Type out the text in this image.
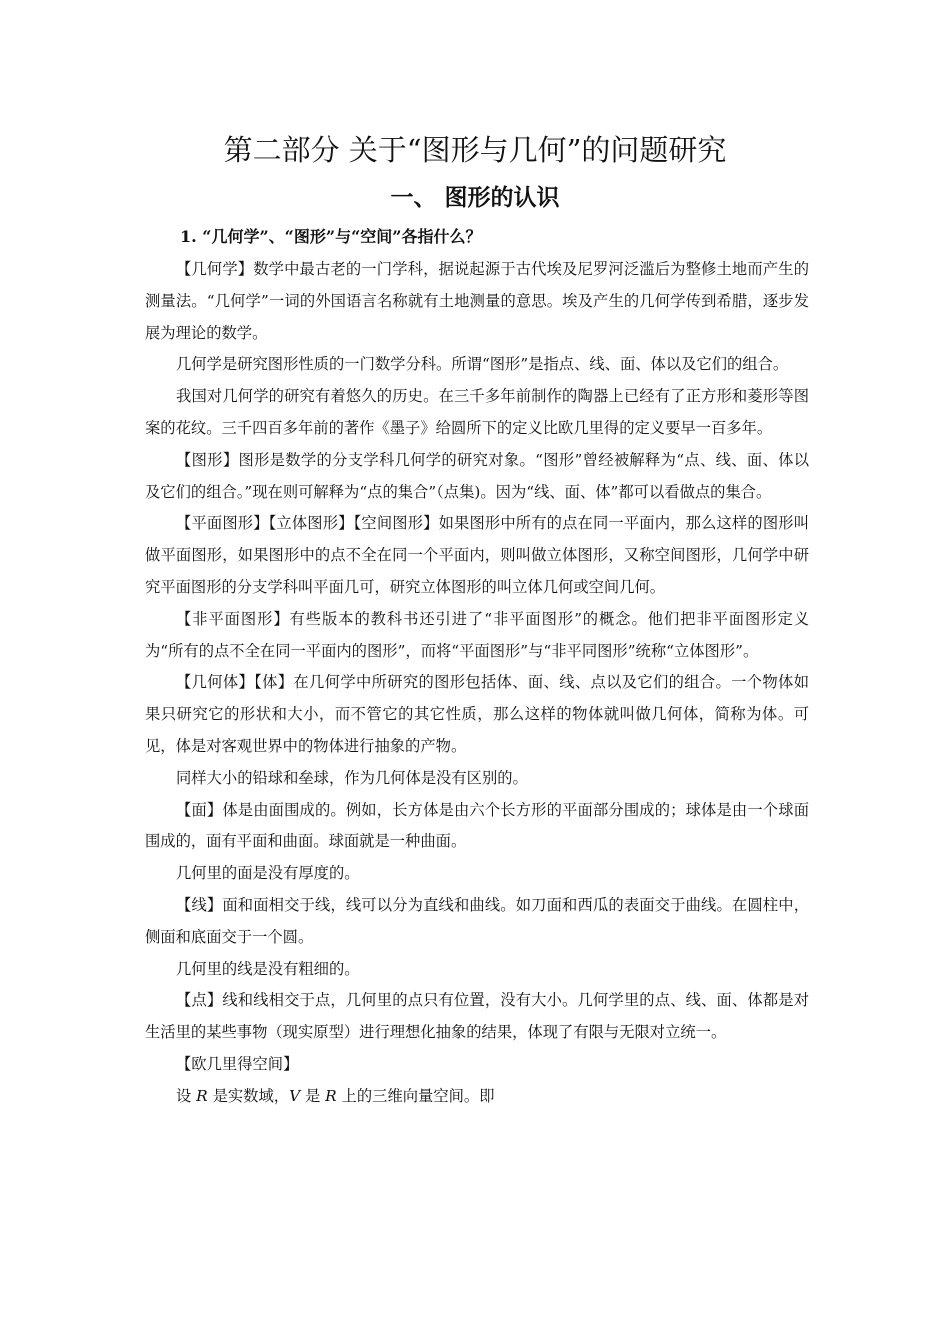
第二部分 关于“图形与几何”的问题研究
一、 图形的认识
1. “几何学”、“图形”与“空间”各指什么？

【几何学】数学中最古老的一门学科，据说起源于古代埃及尼罗河泛滥后为整修土地而产生的测量法。“几何学”一词的外国语言名称就有土地测量的意思。埃及产生的几何学传到希腊，逐步发展为理论的数学。

几何学是研究图形性质的一门数学分科。所谓“图形”是指点、线、面、体以及它们的组合。

我国对几何学的研究有着悠久的历史。在三千多年前制作的陶器上已经有了正方形和菱形等图案的花纹。三千四百多年前的著作《墨子》给圆所下的定义比欧几里得的定义要早一百多年。

【图形】图形是数学的分支学科几何学的研究对象。“图形”曾经被解释为“点、线、面、体以及它们的组合。”现在则可解释为“点的集合”（点集)。因为“线、面、体”都可以看做点的集合。

【平面图形】【立体图形】【空间图形】如果图形中所有的点在同一平面内，那么这样的图形叫做平面图形，如果图形中的点不全在同一个平面内，则叫做立体图形，又称空间图形，几何学中研究平面图形的分支学科叫平面几可，研究立体图形的叫立体几何或空间几何。

【非平面图形】有些版本的教科书还引进了“非平面图形”的概念。他们把非平面图形定义为“所有的点不全在同一平面内的图形”，而将“平面图形”与“非平同图形”统称“立体图形”。

【几何体】【体】在几何学中所研究的图形包括体、面、线、点以及它们的组合。一个物体如果只研究它的形状和大小，而不管它的其它性质，那么这样的物体就叫做几何体，简称为体。可见，体是对客观世界中的物体进行抽象的产物。

同样大小的铅球和垒球，作为几何体是没有区别的。

【面】体是由面围成的。例如，长方体是由六个长方形的平面部分围成的；球体是由一个球面围成的，面有平面和曲面。球面就是一种曲面。

几何里的面是没有厚度的。

【线】面和面相交于线，线可以分为直线和曲线。如刀面和西瓜的表面交于曲线。在圆柱中，侧面和底面交于一个圆。

几何里的线是没有粗细的。

【点】线和线相交于点，几何里的点只有位置，没有大小。几何学里的点、线、面、体都是对生活里的某些事物（现实原型）进行理想化抽象的结果，体现了有限与无限对立统一。

【欧几里得空间】

设 R 是实数域，V 是 R 上的三维向量空间。即
